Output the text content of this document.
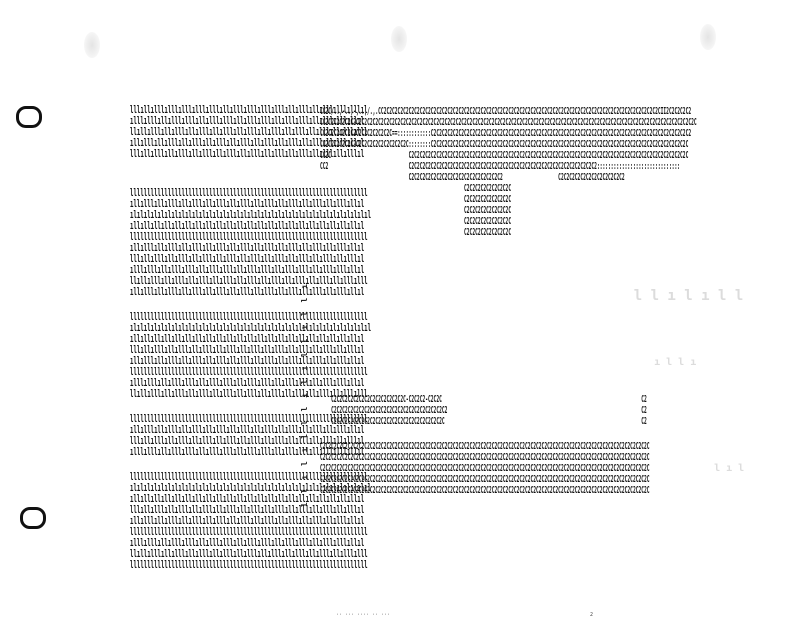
lllıllılllılllılllılllılllıllılllılllılllılllıllılllıllılllılllılllıl
ılllılllıllılllılllıllılllılllıllılllılllıllılllılllıllılllılllıllıl
llıllılllıllılllıllılllıllılllıllılllıllılllıllılllıllılllıllılllılll
ıllılllıllılllıllılllıllılllıllılllıllılllıllılllıllılllıllılllıllıl
lllıllılllıllılllıllılllıllılllıllılllıllılllıllılllıllılllıllılllıl
lllllllllllllllllllllllllllllllllllllllllllllllllllllllllllllllllllll
ıllılllıllılllıllılllıllılllıllılllıllılllıllılllıllılllıllılllıllıl
ılılılılılılılılılılılılılılılılılılılılılılılılılılılılılılılılılılıl
ıllıllıllıllıllıllıllıllıllıllıllıllıllıllıllıllıllıllıllıllıllıllıl
lllllllllllllllllllllllllllllllllllllllllllllllllllllllllllllllllllll
ıllılllıllılllıllılllıllılllıllılllıllılllıllılllıllılllıllılllıllıl
lllıllılllıllılllıllılllıllılllıllılllıllılllıllılllıllılllıllılllıl
ılllılllıllılllılllıllılllılllıllılllılllıllılllılllıllılllılllıllıl
llıllılllıllılllıllılllıllılllıllılllıllılllıllılllıllılllıllılllılll
ıllılllıllılllıllılllıllılllıllılllıllılllıllılllıllılllıllılllıllıl
lllllllllllllllllllllllllllllllllllllllllllllllllllllllllllllllllllll
ılılılılılılılılılılılılılılılılılılılılılılılılılılılılılılılılılılıl
ıllıllıllıllıllıllıllıllıllıllıllıllıllıllıllıllıllıllıllıllıllıllıl
lllıllılllıllılllıllılllıllılllıllılllıllılllıllılllıllılllıllılllıl
ıllılllıllılllıllılllıllılllıllılllıllılllıllılllıllılllıllılllıllıl
lllllllllllllllllllllllllllllllllllllllllllllllllllllllllllllllllllll
ılllılllıllılllılllıllılllılllıllılllılllıllılllılllıllılllılllıllıl
llıllılllıllılllıllılllıllılllıllılllıllılllıllılllıllılllıllılllılll
lllllllllllllllllllllllllllllllllllllllllllllllllllllllllllllllllllll
ıllılllıllılllıllılllıllılllıllılllıllılllıllılllıllılllıllılllıllıl
lllıllılllıllılllıllılllıllılllıllılllıllılllıllılllıllılllıllılllıl
ılllılllıllılllılllıllılllılllıllılllılllıllılllılllıllılllılllıllıl
lllllllllllllllllllllllllllllllllllllllllllllllllllllllllllllllllllll
ılılılılılılılılılılılılılılılılılılılılılılılılılılılılılılılılılılıl
ıllıllıllıllıllıllıllıllıllıllıllıllıllıllıllıllıllıllıllıllıllıllıl
lllıllılllıllılllıllılllıllılllıllılllıllılllıllılllıllılllıllılllıl
ıllılllıllılllıllılllıllılllıllılllıllılllıllılllıllılllıllılllıllıl
lllllllllllllllllllllllllllllllllllllllllllllllllllllllllllllllllllll
ılllılllıllılllılllıllılllılllıllılllılllıllılllılllıllılllılllıllıl
llıllılllıllılllıllılllıllılllıllılllıllılllıllılllıllılllıllılllılll
lllllllllllllllllllllllllllllllllllllllllllllllllllllllllllllllllllll
l l ı l ı l l l ı l ı l l ı l l ı
CC2C/..,-..,-,..,/.,.CC2C2C2C2C2C2C2C2C2C2C2C2C2C2C2C2C2C2C2C2C2C2C2C2C2C2C2C2C2C2C2C2C2C2C2C2C2C2C2C2C2C2C2C2C2C2C2C2C2C2CII2C2C2C2C2
CC2C2C2C2C2C2C2C2C2C2C2C2C2C2C2C2C2C2C2C2C2C2C2C2C2C2C2C2C2C2C2C2C2C2C2C2C2C2C2C2C2C2C2C2C2C2C2C2C2C2C2C2C2C2C2C2C2C2C2C2C2C2C2C2C2C2C2C
CC2C2C2C2C2C2C2C2C2C2C2C2C==::::::::::::C2C2C2C2C2C2C2C2C2C2C2C2C2C2C2C2C2C2C2C2C2C2C2C2C2C2C2C2C2C2C2C2C2C2C2C2C2C2C2C2C2C2C2C2C2C2C2
CC2C2C2C2C2C2C2C2C2C2C2C2C2C2C2C::::::::C2C2C2C2C2C2C2C2C2C2C2C2C2C2C2C2C2C2C2C2C2C2C2C2C2C2C2C2C2C2C2C2C2C2C2C2C2C2C2C2C2C2C2C2C2C2C
CC2C                            C2C2C2C2C2C2C2C2C2C2C2C2C2C2C2C2C2C2C2C2C2C2C2C2C2C2C2C2C2C2C2C2C2C2C2C2C2C2C2C2C2C2C2C2C2C2C2C2C2C2C
CC2                             C2C2C2C2C2C2C2C2C2C2C2C2C2C2C2C2C2C2C2C2C2C2C2C2C2C2C2C2C2C2C2C2C2C2::::::::::::::::::::::::::::::
C2C2C2C2C2C2C2C2C2C2C2C2C2C2C2C2C2                    C2C2C2C2C2C2C2C2C2C2C2C2
C2C2C2C2C2C2C2C2C
C2C2C2C2C2C2C2C2C
C2C2C2C2C2C2C2C2C
C2C2C2C2C2C2C2C2C
C2C2C2C2C2C2C2C2C
C2C2C2C2C2C2C2C2C2C2C2C2C2C-C2C2C2-C2C2C                                                                        C2
C2C2C2C2C2C2C2C2C2C2C2C2C2C2C2C2C2C2C2C2C2                                                                      C2
C2C2C2C2C2C2C2C2C2C2C2C2C2C2C2C2C2C2C2C2C                                                                       C2
C2C2C2C2C2C2C2C2C2C2C2C2C2C2C2C2C2C2C2C2C2C2C2C2C2C2C2C2C2C2C2C2C2C2C2C2C2C2C2C2C2C2C2C2C2C2C2C2C2C2C2C2C2C2C2C2C2C2C2C
C2C2C2C2C2C2C2C2C2C2C2C2C2C2C2C2C2C2C2C2C2C2C2C2C2C2C2C2C2C2C2C2C2C2C2C2C2C2C2C2C2C2C2C2C2C2C2C2C2C2C2C2C2C2C2C2C2C2C2C
C2C2C2C2C2C2C2C2C2C2C2C2C2C2C2C2C2C2C2C2C2C2C2C2C2C2C2C2C2C2C2C2C2C2C2C2C2C2C2C2C2C2C2C2C2C2C2C2C2C2C2C2C2C2C2C2C2C2C2C
C2C2C2C2C2C2C2C2C2C2C2C2C2C2C2C2C2C2C2C2C2C2C2C2C2C2C2C2C2C2C2C2C2C2C2C2C2C2C2C2C2C2C2C2C2C2C2C2C2C2C2C2C2C2C2C2C2C2C2C
C2C2C2C2C2C2C2C2C2C2C2C2C2C2C2C2C2C2C2C2C2C2C2C2C2C2C2C2C2C2C2C2C2C2C2C2C2C2C2C2C2C2C2C2C2C2C2C2C2C2C2C2C2C2C2C2C2C2C2C

l l ı l ı l l

ı l l ı

l ı l

·· ··· ···· ·· ···	2
